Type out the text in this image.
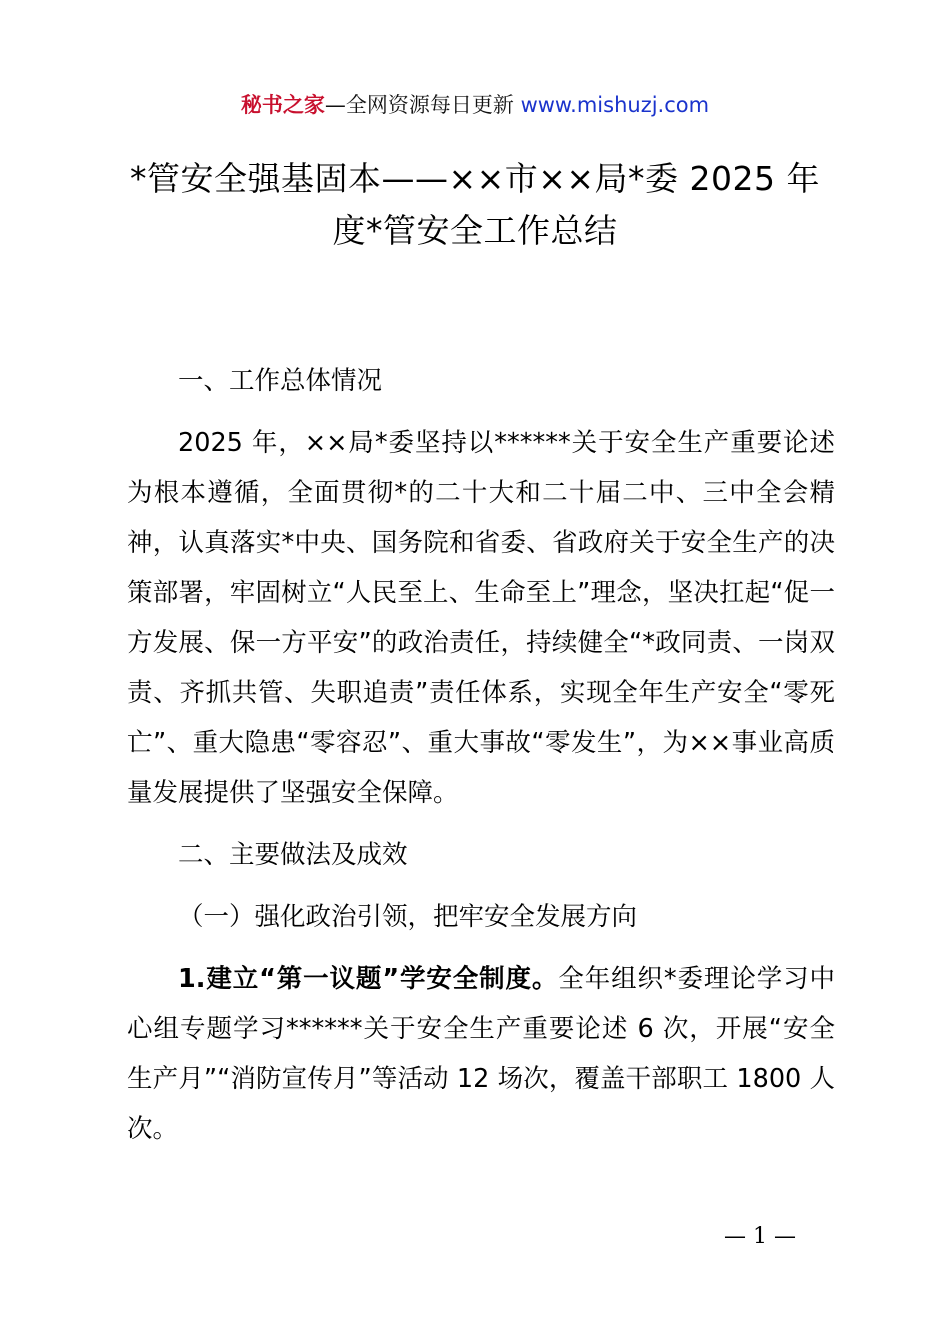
秘书之家—全网资源每日更新 www.mishuzj.com
*管安全强基固本——××市××局*委 2025 年
度*管安全工作总结

一、工作总体情况

2025 年，××局*委坚持以******关于安全生产重要论述为根本遵循，全面贯彻*的二十大和二十届二中、三中全会精神，认真落实*中央、国务院和省委、省政府关于安全生产的决策部署，牢固树立“人民至上、生命至上”理念，坚决扛起“促一方发展、保一方平安”的政治责任，持续健全“*政同责、一岗双责、齐抓共管、失职追责”责任体系，实现全年生产安全“零死亡”、重大隐患“零容忍”、重大事故“零发生”，为××事业高质量发展提供了坚强安全保障。

二、主要做法及成效

（一）强化政治引领，把牢安全发展方向

1.建立“第一议题”学安全制度。全年组织*委理论学习中心组专题学习******关于安全生产重要论述 6 次，开展“安全生产月”“消防宣传月”等活动 12 场次，覆盖干部职工 1800 人次。

— 1 —
